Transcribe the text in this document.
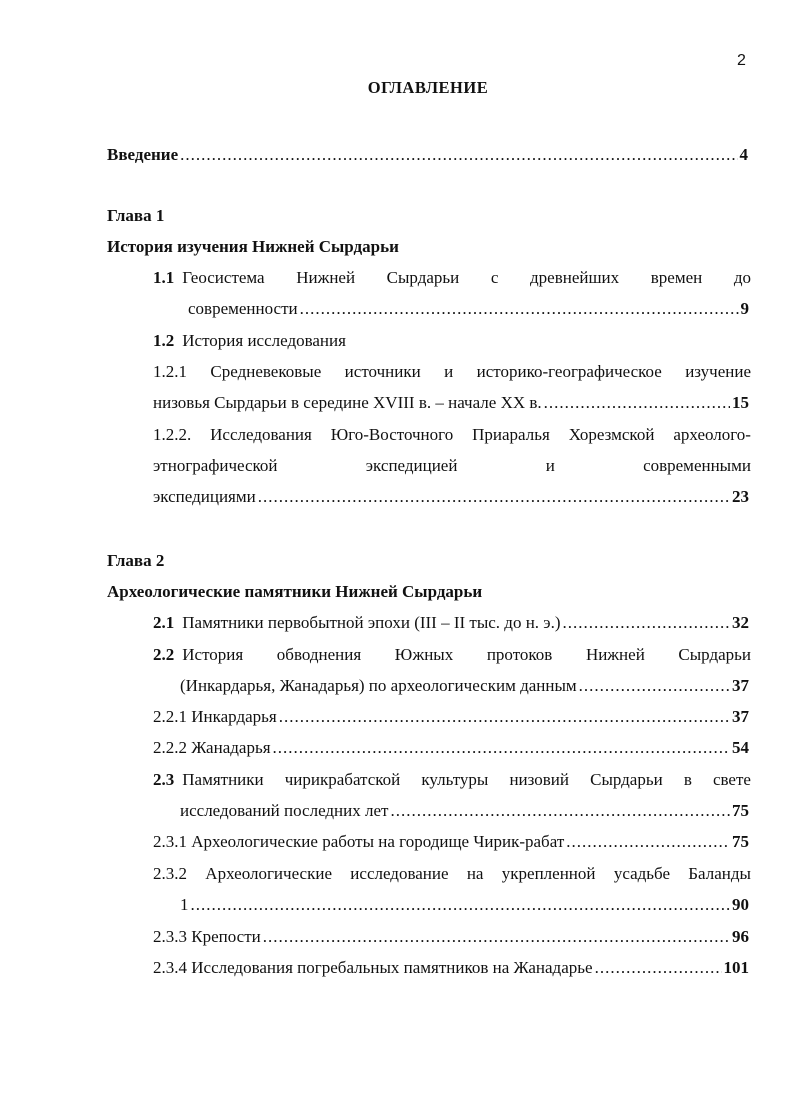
2
ОГЛАВЛЕНИЕ
Введение .....	4
Глава 1
История изучения Нижней Сырдарьи
1.1 Геосистема Нижней Сырдарьи с древнейших времен до
современности .....	9
1.2 История исследования
1.2.1 Средневековые источники и историко-географическое изучение
низовья Сырдарьи в середине XVIII в. – начале XX в. .....	15
1.2.2. Исследования Юго-Восточного Приаралья Хорезмской археолого-
этнографической	экспедицией	и	современными
экспедициями .....	23
Глава 2
Археологические памятники Нижней Сырдарьи
2.1 Памятники первобытной эпохи (III – II тыс. до н. э.) .....	32
2.2 История обводнения Южных протоков Нижней Сырдарьи
(Инкардарья, Жанадарья) по археологическим данным .....	37
2.2.1 Инкардарья .....	37
2.2.2 Жанадарья .....	54
2.3 Памятники чирикрабатской культуры низовий Сырдарьи в свете
исследований последних лет .....	75
2.3.1 Археологические работы на городище Чирик-рабат .....	75
2.3.2 Археологические исследование на укрепленной усадьбе Баланды
1 .....	90
2.3.3 Крепости .....	96
2.3.4 Исследования погребальных памятников на Жанадарье .....	101
